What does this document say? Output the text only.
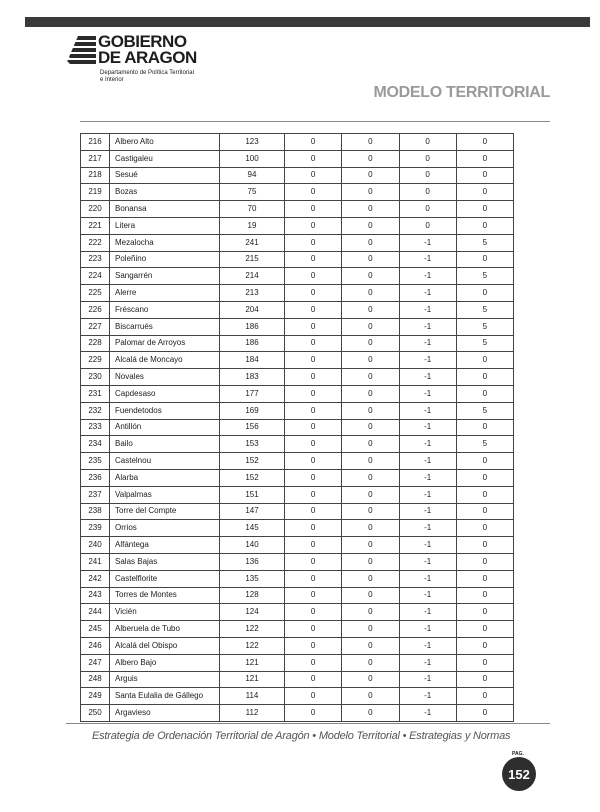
GOBIERNO
DE ARAGON
Departamento de Política Territorial
e Interior
MODELO TERRITORIAL
216	Albero Alto	123	0	0	0	0
217	Castigaleu	100	0	0	0	0
218	Sesué	94	0	0	0	0
219	Bozas	75	0	0	0	0
220	Bonansa	70	0	0	0	0
221	Litera	19	0	0	0	0
222	Mezalocha	241	0	0	-1	5
223	Poleñino	215	0	0	-1	0
224	Sangarrén	214	0	0	-1	5
225	Alerre	213	0	0	-1	0
226	Fréscano	204	0	0	-1	5
227	Biscarrués	186	0	0	-1	5
228	Palomar de Arroyos	186	0	0	-1	5
229	Alcalá de Moncayo	184	0	0	-1	0
230	Novales	183	0	0	-1	0
231	Capdesaso	177	0	0	-1	0
232	Fuendetodos	169	0	0	-1	5
233	Antillón	156	0	0	-1	0
234	Bailo	153	0	0	-1	5
235	Castelnou	152	0	0	-1	0
236	Alarba	152	0	0	-1	0
237	Valpalmas	151	0	0	-1	0
238	Torre del Compte	147	0	0	-1	0
239	Orrios	145	0	0	-1	0
240	Alfántega	140	0	0	-1	0
241	Salas Bajas	136	0	0	-1	0
242	Castelflorite	135	0	0	-1	0
243	Torres de Montes	128	0	0	-1	0
244	Vicién	124	0	0	-1	0
245	Alberuela de Tubo	122	0	0	-1	0
246	Alcalá del Obispo	122	0	0	-1	0
247	Albero Bajo	121	0	0	-1	0
248	Arguis	121	0	0	-1	0
249	Santa Eulalia de Gállego	114	0	0	-1	0
250	Argavieso	112	0	0	-1	0
Estrategia de Ordenación Territorial de Aragón • Modelo Territorial • Estrategias y Normas
PAG.
152
